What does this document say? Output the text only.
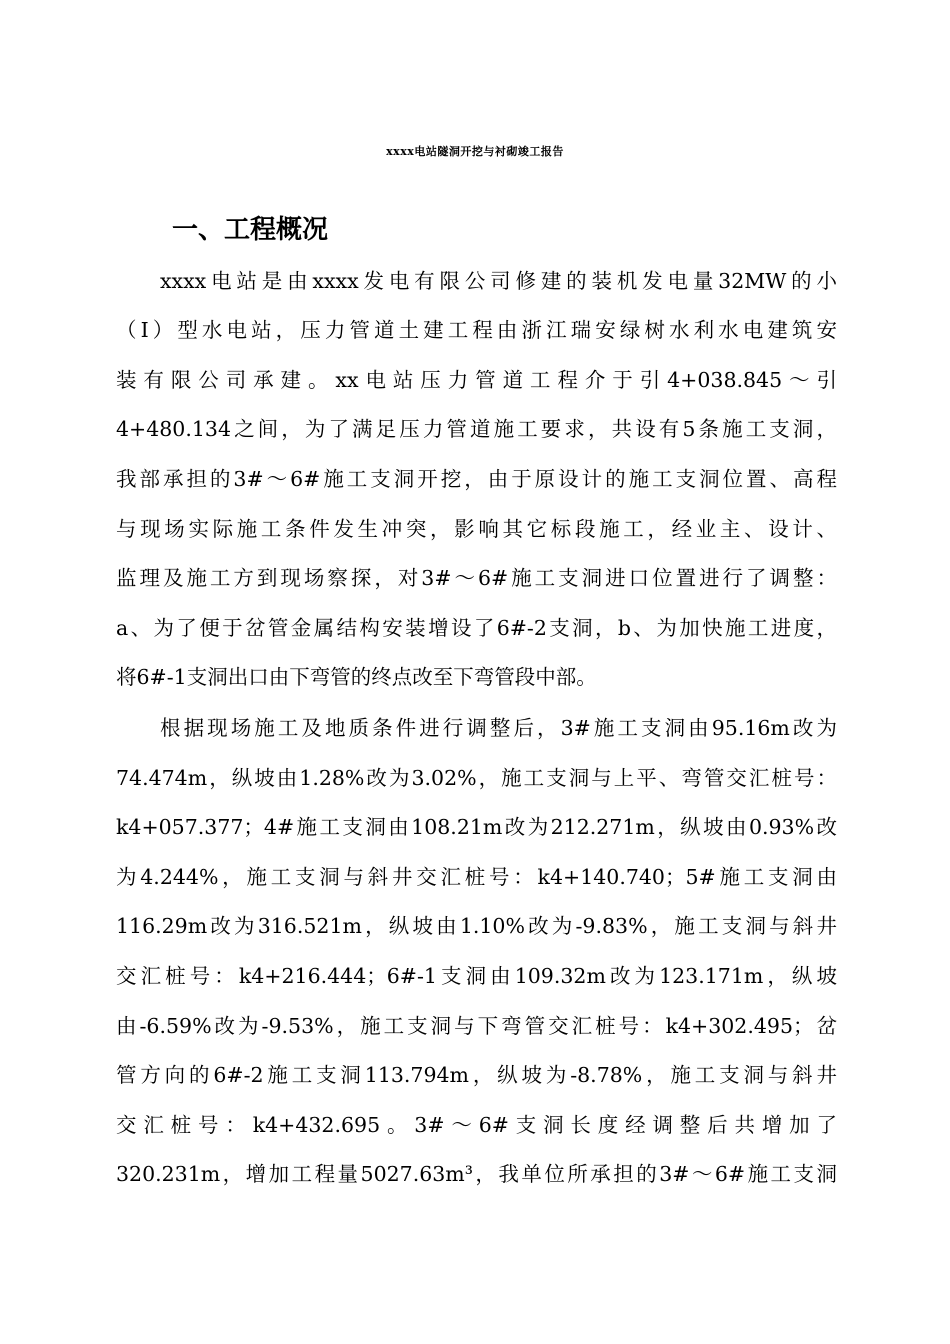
xxxx电站隧洞开挖与衬砌竣工报告
一、工程概况
xxxx电站是由xxxx发电有限公司修建的装机发电量32MW的小
（Ⅰ）型水电站，压力管道土建工程由浙江瑞安绿树水利水电建筑安
装有限公司承建。xx电站压力管道工程介于引4+038.845～引
4+480.134之间，为了满足压力管道施工要求，共设有5条施工支洞，
我部承担的3#～6#施工支洞开挖，由于原设计的施工支洞位置、高程
与现场实际施工条件发生冲突，影响其它标段施工，经业主、设计、
监理及施工方到现场察探，对3#～6#施工支洞进口位置进行了调整：
a、为了便于岔管金属结构安装增设了6#-2支洞，b、为加快施工进度，
将6#-1支洞出口由下弯管的终点改至下弯管段中部。
根据现场施工及地质条件进行调整后，3#施工支洞由95.16m改为
74.474m，纵坡由1.28%改为3.02%，施工支洞与上平、弯管交汇桩号：
k4+057.377；4#施工支洞由108.21m改为212.271m，纵坡由0.93%改
为4.244%，施工支洞与斜井交汇桩号：k4+140.740；5#施工支洞由
116.29m改为316.521m，纵坡由1.10%改为-9.83%，施工支洞与斜井
交汇桩号：k4+216.444；6#-1支洞由109.32m改为123.171m，纵坡
由-6.59%改为-9.53%，施工支洞与下弯管交汇桩号：k4+302.495；岔
管方向的6#-2施工支洞113.794m，纵坡为-8.78%，施工支洞与斜井
交汇桩号：k4+432.695。3#～6#支洞长度经调整后共增加了
320.231m，增加工程量5027.63m³，我单位所承担的3#～6#施工支洞
